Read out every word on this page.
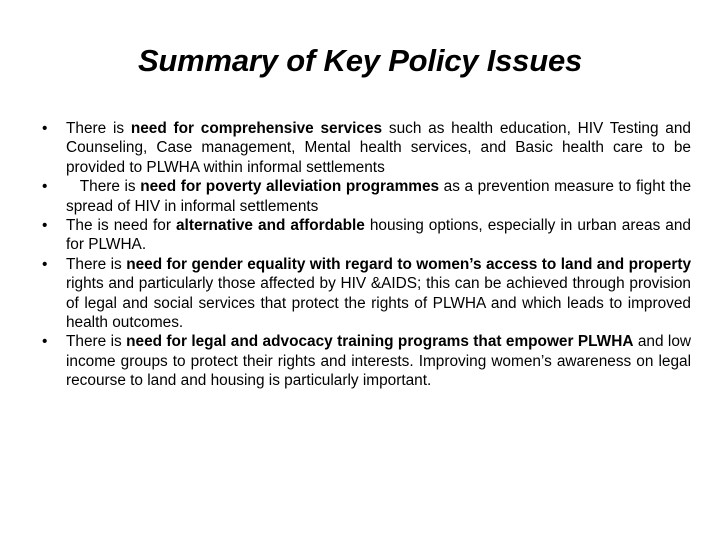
Summary of Key Policy Issues
•	There is need for comprehensive services such as health education, HIV Testing and Counseling, Case management, Mental health services, and Basic health care to be provided to PLWHA within informal settlements
•	There is need for poverty alleviation programmes as a prevention measure to fight the spread of HIV in informal settlements
•	The is need for alternative and affordable housing options, especially in urban areas and for PLWHA.
•	There is need for gender equality with regard to women’s access to land and property rights and particularly those affected by HIV &AIDS; this can be achieved through provision of legal and social services that protect the rights of PLWHA and which leads to improved health outcomes.
•	There is need for legal and advocacy training programs that empower PLWHA and low income groups to protect their rights and interests. Improving women’s awareness on legal recourse to land and housing is particularly important.
